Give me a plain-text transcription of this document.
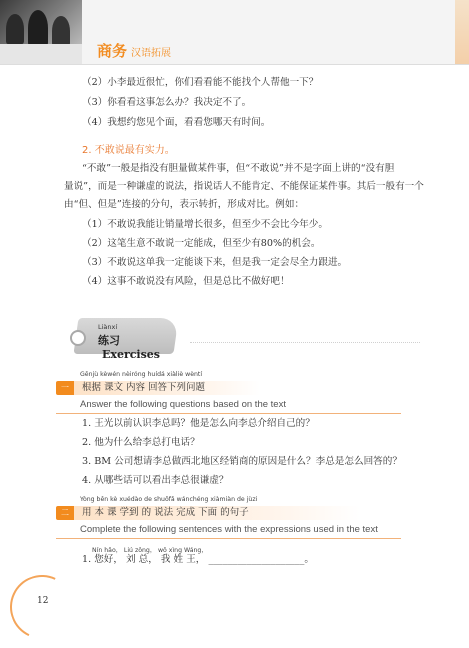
商务 汉语拓展
（2）小李最近很忙，你们看看能不能找个人帮他一下？
（3）你看看这事怎么办？我决定不了。
（4）我想约您见个面，看看您哪天有时间。
2. 不敢说最有实力。
“不敢”一般是指没有胆量做某件事，但“不敢说”并不是字面上讲的“没有胆
量说”，而是一种谦虚的说法，指说话人不能肯定、不能保证某件事。其后一般有一个
由“但、但是”连接的分句，表示转折，形成对比。例如：
（1）不敢说我能让销量增长很多，但至少不会比今年少。
（2）这笔生意不敢说一定能成，但至少有80%的机会。
（3）不敢说这单我一定能谈下来，但是我一定会尽全力跟进。
（4）这事不敢说没有风险，但是总比不做好吧！
Liànxí
练习Exercises
Gēnjù kèwén nèiróng huídá xiàliè wèntí
一	根据 课文 内容 回答下列问题
Answer the following questions based on the text
1. 王光以前认识李总吗？他是怎么向李总介绍自己的？
2. 他为什么给李总打电话？
3. BM 公司想请李总做西北地区经销商的原因是什么？李总是怎么回答的？
4. 从哪些话可以看出李总很谦虚？
Yòng běn kè xuédào de shuōfǎ wánchéng xiàmiàn de jùzi
二	用 本 课 学到 的 说法 完成 下面 的句子
Complete the following sentences with the expressions used in the text
Nín hǎo， Liú zǒng， wǒ xìng Wáng，
1. 您好， 刘 总， 我 姓 王， ____________________。
12
